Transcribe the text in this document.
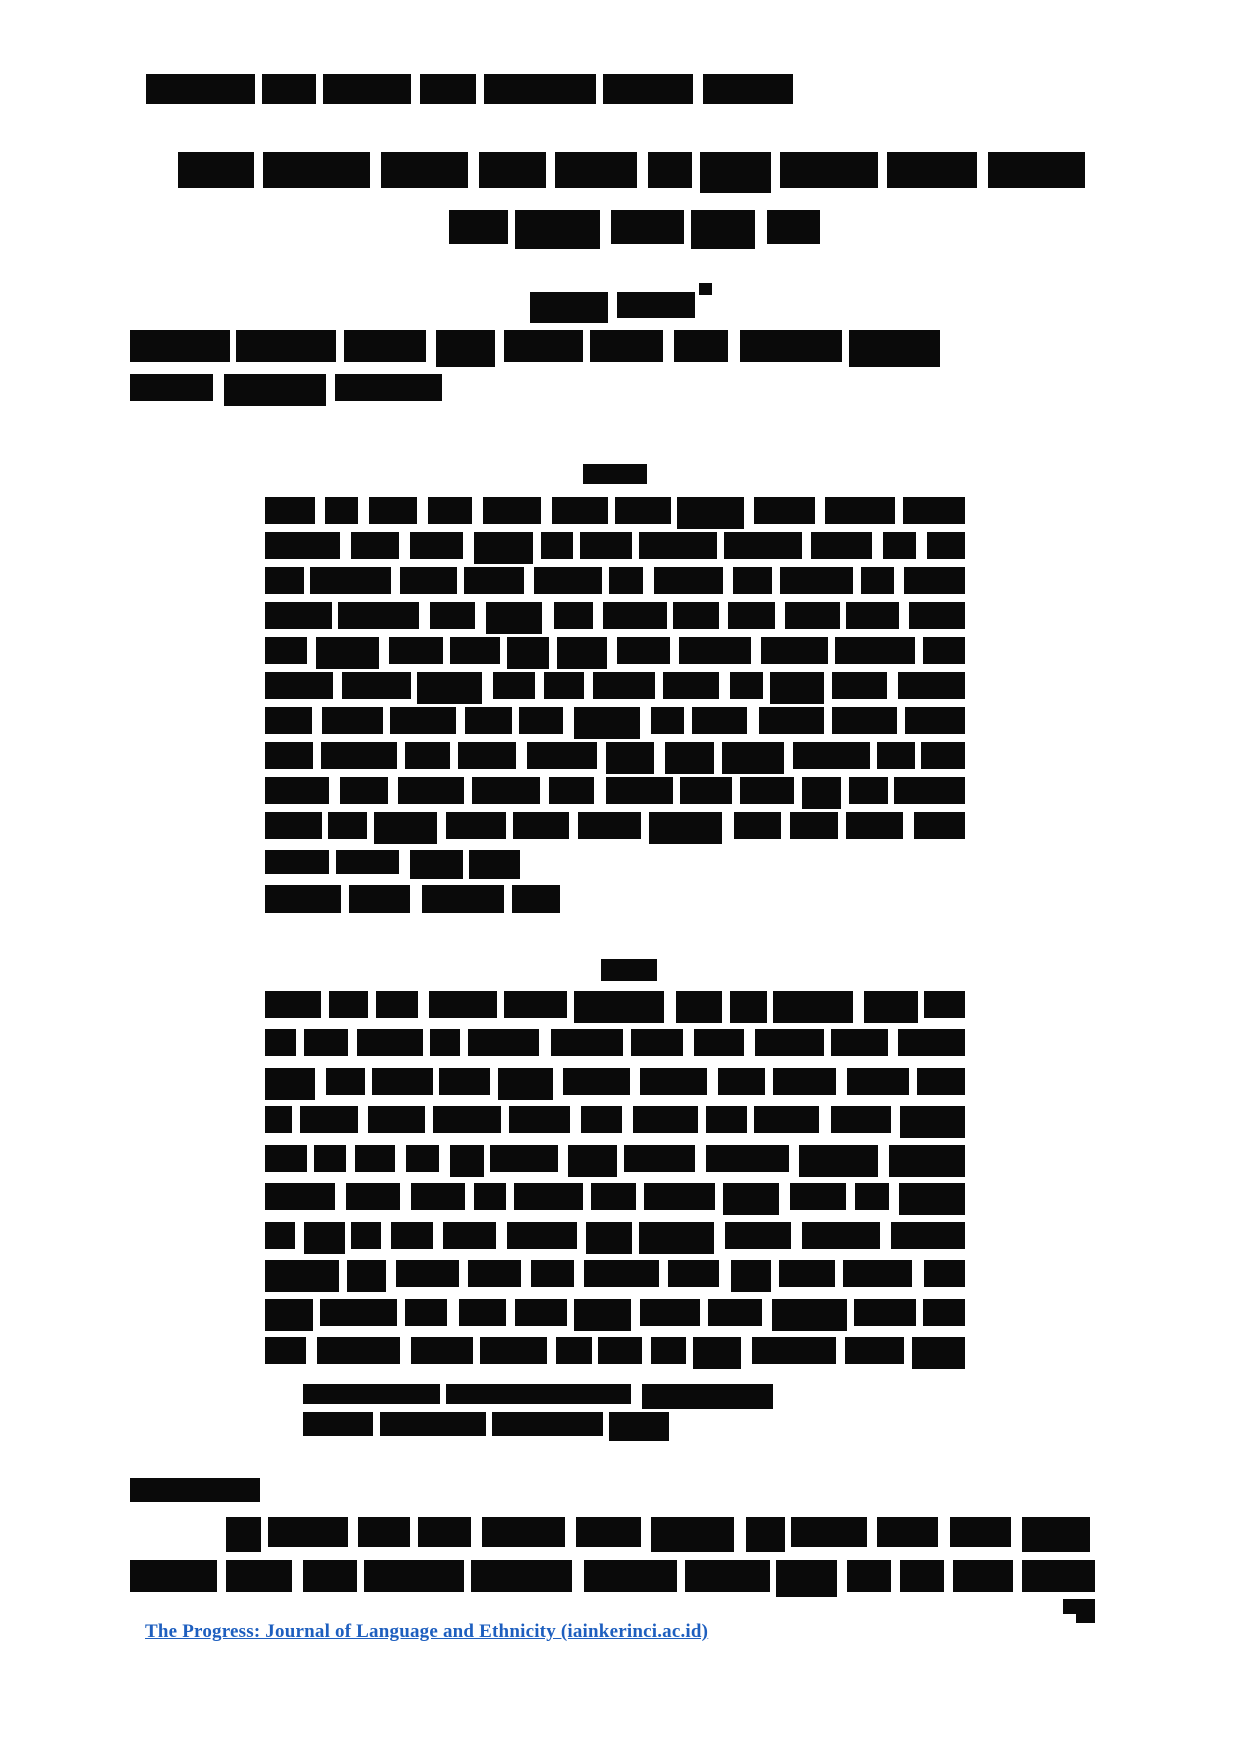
The Progress: Journal of Language and Ethnicity (iainkerinci.ac.id)
